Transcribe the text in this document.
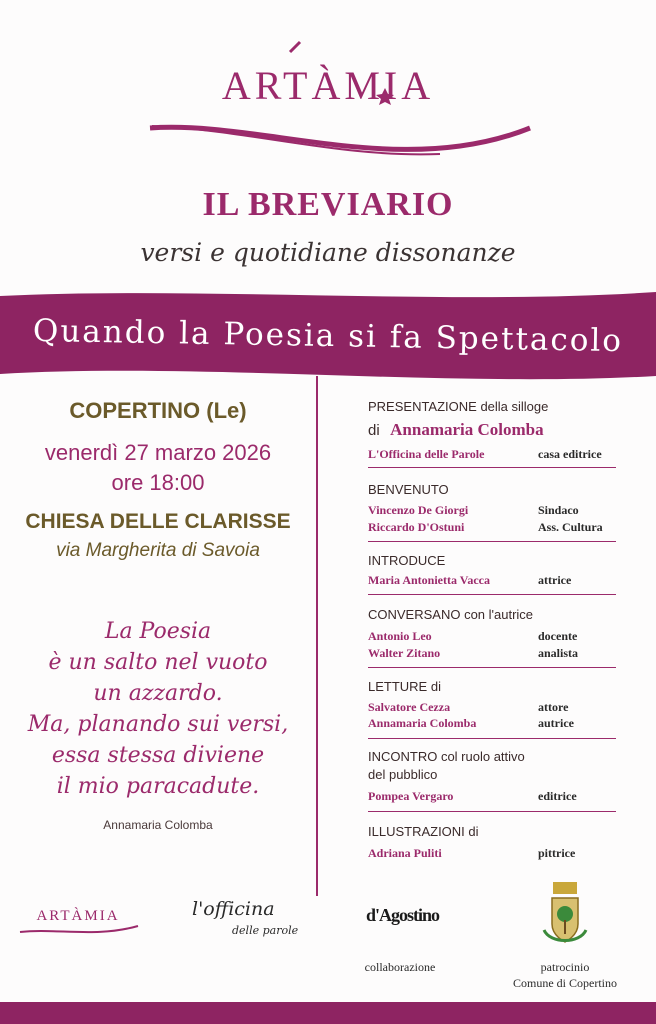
ARTÀMIA
IL BREVIARIO
versi e quotidiane dissonanze
Quando la Poesia si fa Spettacolo
COPERTINO (Le)
venerdì 27 marzo 2026
ore 18:00
CHIESA DELLE CLARISSE
via Margherita di Savoia
La Poesia
è un salto nel vuoto
un azzardo.
Ma, planando sui versi,
essa stessa diviene
il mio paracadute.
Annamaria Colomba
PRESENTAZIONE della silloge
di Annamaria Colomba
L'Officina delle Parole	casa editrice
BENVENUTO
Vincenzo De Giorgi	Sindaco
Riccardo D'Ostuni	Ass. Cultura
INTRODUCE
Maria Antonietta Vacca	attrice
CONVERSANO con l'autrice
Antonio Leo	docente
Walter Zitano	analista
LETTURE di
Salvatore Cezza	attore
Annamaria Colomba	autrice
INCONTRO col ruolo attivo
del pubblico
Pompea Vergaro	editrice
ILLUSTRAZIONI di
Adriana Puliti	pittrice
ARTÀMIA	l'officina
delle parole
d'Agostino
collaborazione	patrocinio
Comune di Copertino
